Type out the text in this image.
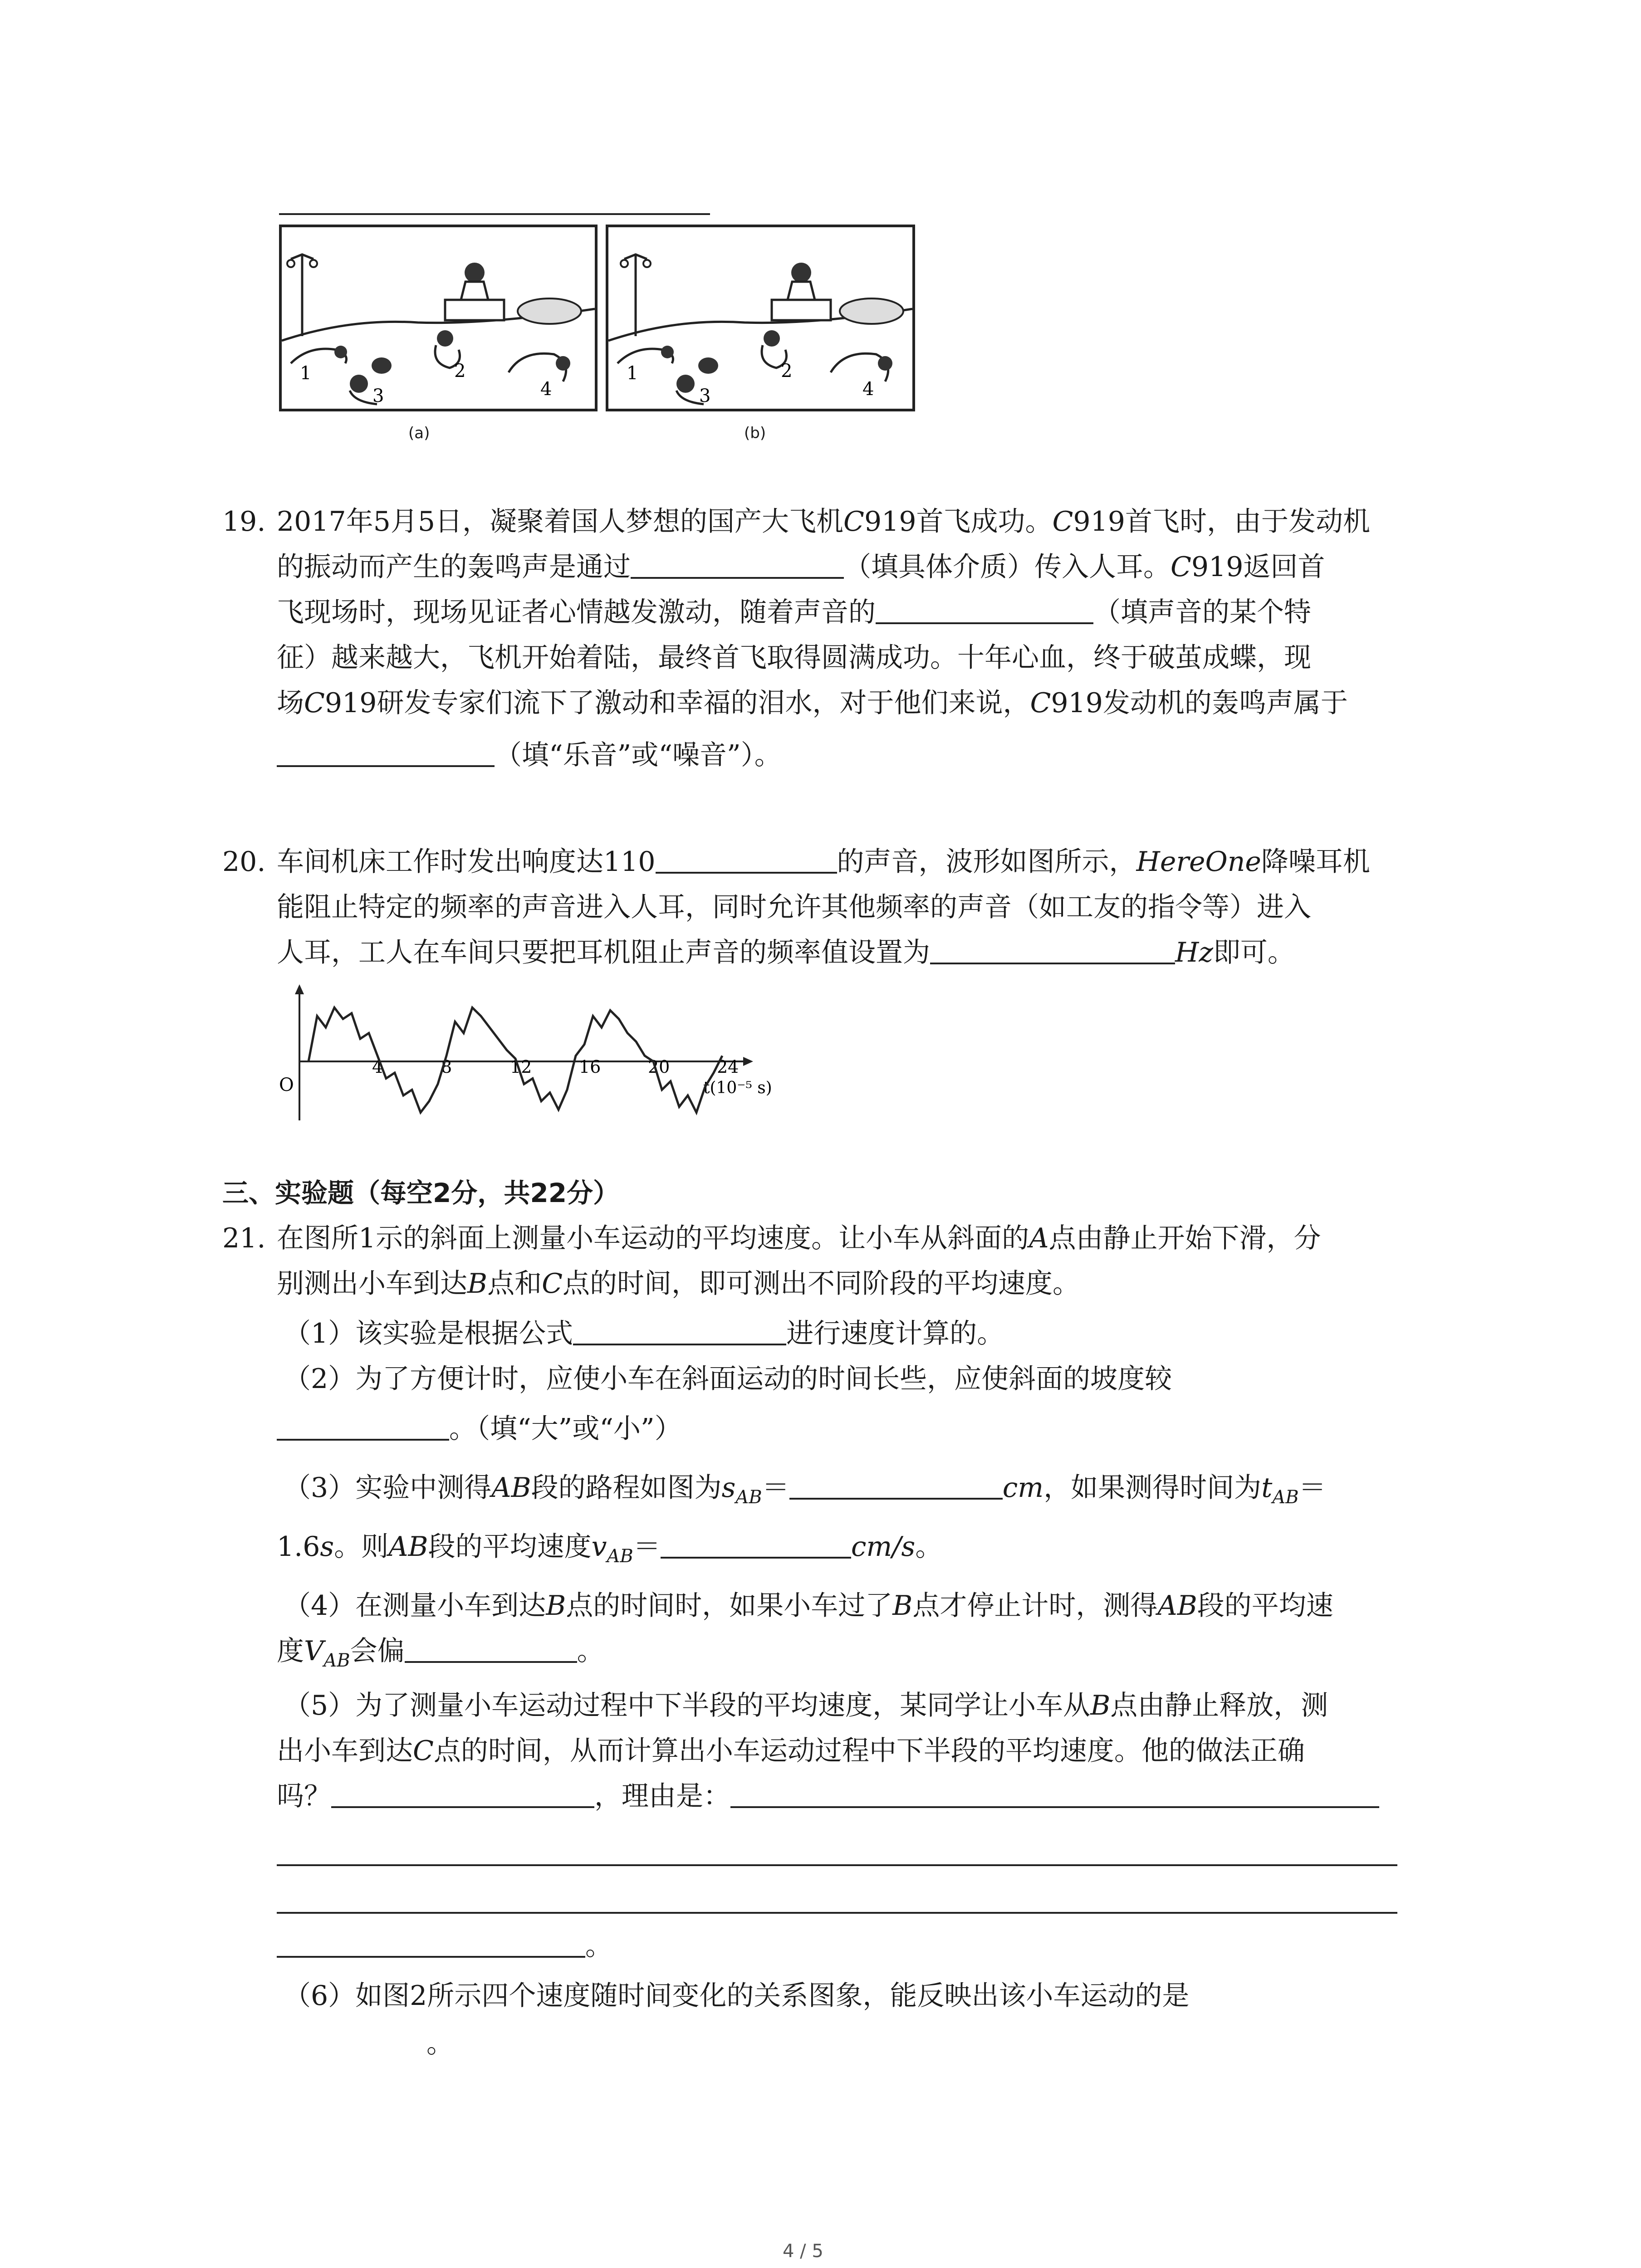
1	2
3	4
1	2
3	4
(a)	(b)
19. 2017年5月5日，凝聚着国人梦想的国产大飞机C919首飞成功。C919首飞时，由于发动机
的振动而产生的轰鸣声是通过	（填具体介质）传入人耳。C919返回首
飞现场时，现场见证者心情越发激动，随着声音的	（填声音的某个特
征）越来越大，飞机开始着陆，最终首飞取得圆满成功。十年心血，终于破茧成蝶，现
场C919研发专家们流下了激动和幸福的泪水，对于他们来说，C919发动机的轰鸣声属于
（填“乐音”或“噪音”）。
20. 车间机床工作时发出响度达110	的声音，波形如图所示，HereOne降噪耳机
能阻止特定的频率的声音进入人耳，同时允许其他频率的声音（如工友的指令等）进入
人耳，工人在车间只要把耳机阻止声音的频率值设置为	Hz即可。
O
4	8	12	16	20	24
t(10⁻⁵ s)
三、实验题（每空2分，共22分）
21. 在图所1示的斜面上测量小车运动的平均速度。让小车从斜面的A点由静止开始下滑，分
别测出小车到达B点和C点的时间，即可测出不同阶段的平均速度。
（1）该实验是根据公式	进行速度计算的。
（2）为了方便计时，应使小车在斜面运动的时间长些，应使斜面的坡度较
。（填“大”或“小”）
（3）实验中测得AB段的路程如图为$s_{AB}=$	cm，如果测得时间为$t_{AB}=$
1.6s。则AB段的平均速度$v_{AB}=$	cm/s。
（4）在测量小车到达B点的时间时，如果小车过了B点才停止计时，测得AB段的平均速
度$V_{AB}$会偏	。
（5）为了测量小车运动过程中下半段的平均速度，某同学让小车从B点由静止释放，测
出小车到达C点的时间，从而计算出小车运动过程中下半段的平均速度。他的做法正确
吗？	，理由是：
。
（6）如图2所示四个速度随时间变化的关系图象，能反映出该小车运动的是
。
4 / 5
